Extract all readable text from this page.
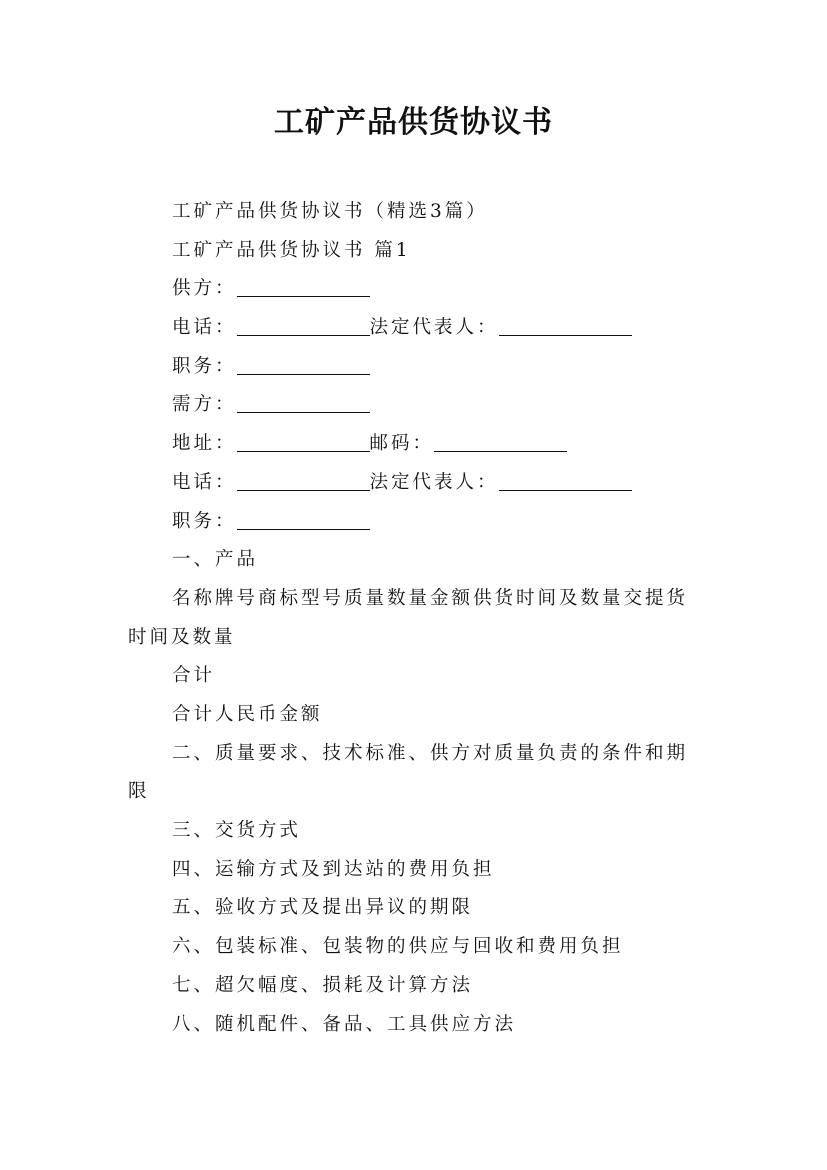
工矿产品供货协议书
工矿产品供货协议书（精选3篇）
工矿产品供货协议书 篇1
供方：
电话：	法定代表人：
职务：
需方：
地址：	邮码：
电话：	法定代表人：
职务：
一、产品
名称牌号商标型号质量数量金额供货时间及数量交提货时间及数量
合计
合计人民币金额
二、质量要求、技术标准、供方对质量负责的条件和期限
三、交货方式
四、运输方式及到达站的费用负担
五、验收方式及提出异议的期限
六、包装标准、包装物的供应与回收和费用负担
七、超欠幅度、损耗及计算方法
八、随机配件、备品、工具供应方法
